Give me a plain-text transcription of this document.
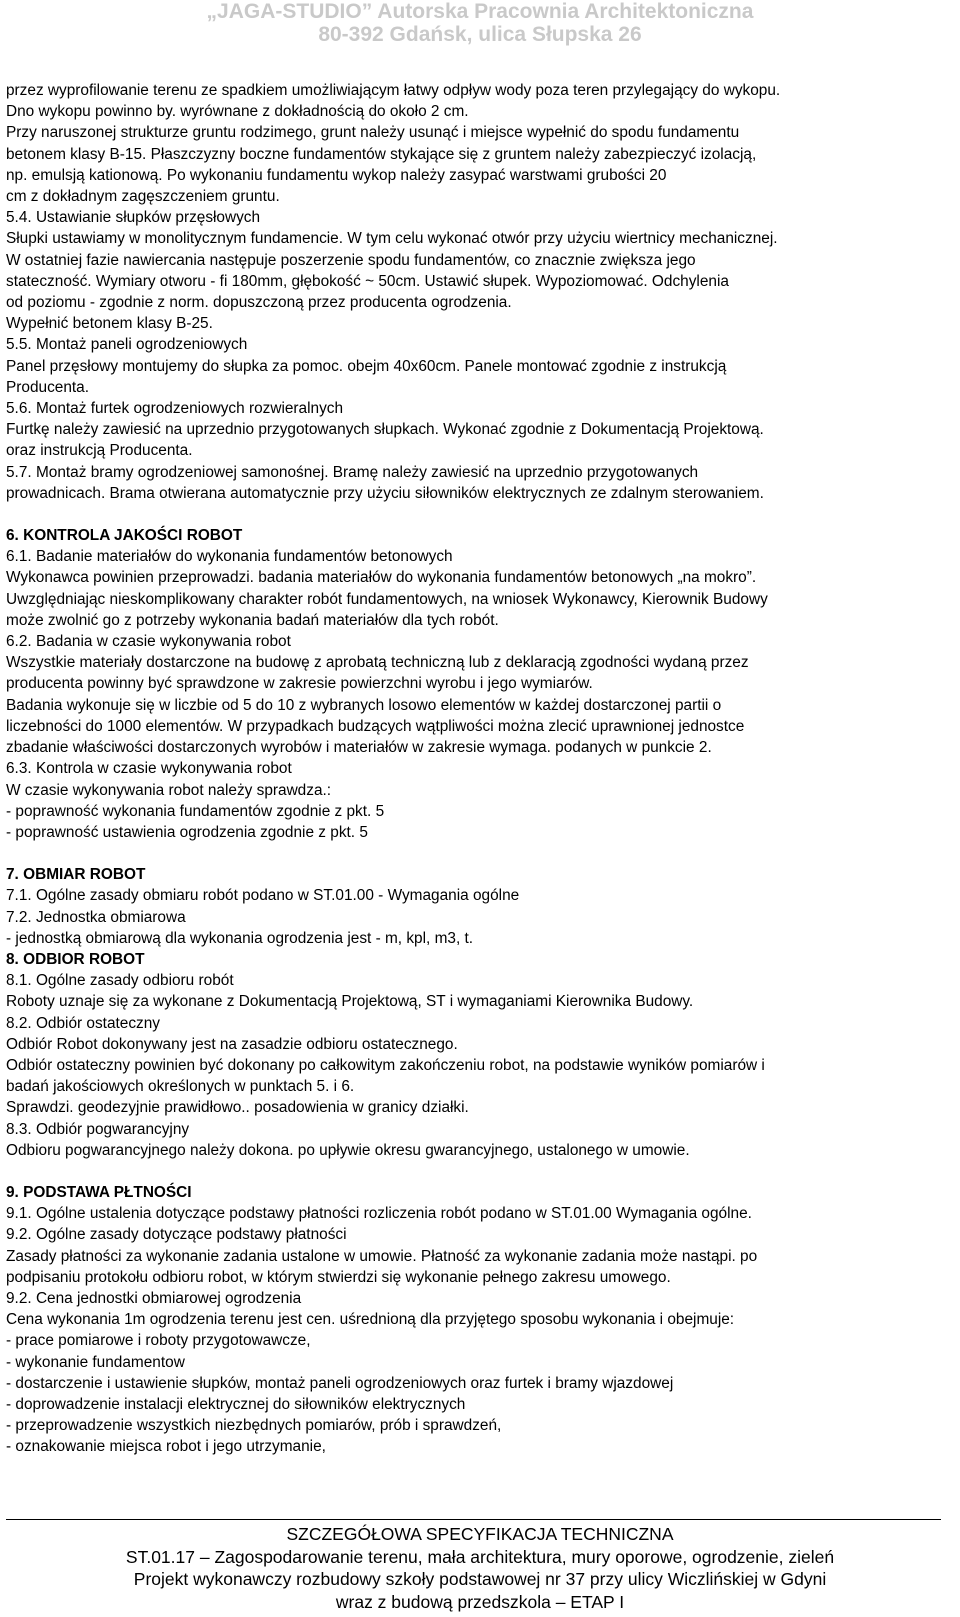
„JAGA-STUDIO” Autorska Pracownia Architektoniczna
80-392 Gdańsk, ulica Słupska 26

przez wyprofilowanie terenu ze spadkiem umożliwiającym łatwy odpływ wody poza teren przylegający do wykopu.

Dno wykopu powinno by. wyrównane z dokładnością do około 2 cm.

Przy naruszonej strukturze gruntu rodzimego, grunt należy usunąć i miejsce wypełnić do spodu fundamentu

betonem klasy B-15. Płaszczyzny boczne fundamentów stykające się z gruntem należy zabezpieczyć izolacją,

np. emulsją kationową. Po wykonaniu fundamentu wykop należy zasypać warstwami grubości 20

cm z dokładnym zagęszczeniem gruntu.

5.4. Ustawianie słupków przęsłowych

Słupki ustawiamy w monolitycznym fundamencie. W tym celu wykonać otwór przy użyciu wiertnicy mechanicznej.

W ostatniej fazie nawiercania następuje poszerzenie spodu fundamentów, co znacznie zwiększa jego

stateczność. Wymiary otworu - fi 180mm, głębokość ~ 50cm. Ustawić słupek. Wypoziomować. Odchylenia

od poziomu - zgodnie z norm. dopuszczoną przez producenta ogrodzenia.

Wypełnić betonem klasy B-25.

5.5. Montaż paneli ogrodzeniowych

Panel przęsłowy montujemy do słupka za pomoc. obejm 40x60cm. Panele montować zgodnie z instrukcją

Producenta.

5.6. Montaż furtek ogrodzeniowych rozwieralnych

Furtkę należy zawiesić na uprzednio przygotowanych słupkach. Wykonać zgodnie z Dokumentacją Projektową.

oraz instrukcją Producenta.

5.7. Montaż bramy ogrodzeniowej samonośnej. Bramę należy zawiesić na uprzednio przygotowanych

prowadnicach. Brama otwierana automatycznie przy użyciu siłowników elektrycznych ze zdalnym sterowaniem.

6. KONTROLA JAKOŚCI ROBOT

6.1. Badanie materiałów do wykonania fundamentów betonowych

Wykonawca powinien przeprowadzi. badania materiałów do wykonania fundamentów betonowych „na mokro”.

Uwzględniając nieskomplikowany charakter robót fundamentowych, na wniosek Wykonawcy, Kierownik Budowy

może zwolnić go z potrzeby wykonania badań materiałów dla tych robót.

6.2. Badania w czasie wykonywania robot

Wszystkie materiały dostarczone na budowę z aprobatą techniczną lub z deklaracją zgodności wydaną przez

producenta powinny być sprawdzone w zakresie powierzchni wyrobu i jego wymiarów.

Badania wykonuje się w liczbie od 5 do 10 z wybranych losowo elementów w każdej dostarczonej partii o

liczebności do 1000 elementów. W przypadkach budzących wątpliwości można zlecić uprawnionej jednostce

zbadanie właściwości dostarczonych wyrobów i materiałów w zakresie wymaga. podanych w punkcie 2.

6.3. Kontrola w czasie wykonywania robot

W czasie wykonywania robot należy sprawdza.:

- poprawność wykonania fundamentów zgodnie z pkt. 5

- poprawność ustawienia ogrodzenia zgodnie z pkt. 5

7. OBMIAR ROBOT

7.1. Ogólne zasady obmiaru robót podano w ST.01.00 - Wymagania ogólne

7.2. Jednostka obmiarowa

- jednostką obmiarową dla wykonania ogrodzenia jest - m, kpl, m3, t.

8. ODBIOR ROBOT

8.1. Ogólne zasady odbioru robót

Roboty uznaje się za wykonane z Dokumentacją Projektową, ST i wymaganiami Kierownika Budowy.

8.2. Odbiór ostateczny

Odbiór Robot dokonywany jest na zasadzie odbioru ostatecznego.

Odbiór ostateczny powinien być dokonany po całkowitym zakończeniu robot, na podstawie wyników pomiarów i

badań jakościowych określonych w punktach 5. i 6.

Sprawdzi. geodezyjnie prawidłowo.. posadowienia w granicy działki.

8.3. Odbiór pogwarancyjny

Odbioru pogwarancyjnego należy dokona. po upływie okresu gwarancyjnego, ustalonego w umowie.

9. PODSTAWA PŁTNOŚCI

9.1. Ogólne ustalenia dotyczące podstawy płatności rozliczenia robót podano w ST.01.00 Wymagania ogólne.

9.2. Ogólne zasady dotyczące podstawy płatności

Zasady płatności za wykonanie zadania ustalone w umowie. Płatność za wykonanie zadania może nastąpi. po

podpisaniu protokołu odbioru robot, w którym stwierdzi się wykonanie pełnego zakresu umowego.

9.2. Cena jednostki obmiarowej ogrodzenia

Cena wykonania 1m ogrodzenia terenu jest cen. uśrednioną dla przyjętego sposobu wykonania i obejmuje:

- prace pomiarowe i roboty przygotowawcze,

- wykonanie fundamentow

- dostarczenie i ustawienie słupków, montaż paneli ogrodzeniowych oraz furtek i bramy wjazdowej

- doprowadzenie instalacji elektrycznej do siłowników elektrycznych

- przeprowadzenie wszystkich niezbędnych pomiarów, prób i sprawdzeń,

- oznakowanie miejsca robot i jego utrzymanie,

SZCZEGÓŁOWA SPECYFIKACJA TECHNICZNA
ST.01.17 – Zagospodarowanie terenu, mała architektura, mury oporowe, ogrodzenie, zieleń
Projekt wykonawczy rozbudowy szkoły podstawowej nr 37 przy ulicy Wiczlińskiej w Gdyni
wraz z budową przedszkola – ETAP I
